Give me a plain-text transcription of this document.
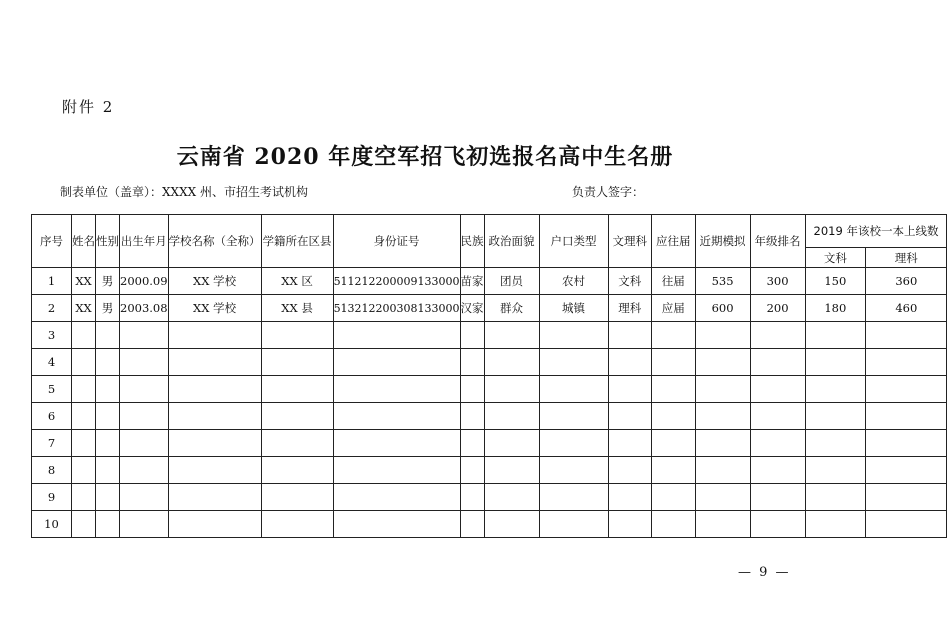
附件 2
云南省 2020 年度空军招飞初选报名高中生名册
制表单位（盖章）：XXXX 州、市招生考试机构	负责人签字：
序号	姓名	性别	出生年月	学校名称（全称）	学籍所在区县	身份证号	民族	政治面貌	户口类型	文理科	应往届	近期模拟	年级排名	2019 年该校一本上线数	
														文科	理科
1	XX	男	2000.09	XX 学校	XX 区	511212200009133000	苗家	团员	农村	文科	往届	535	300	150	360
2	XX	男	2003.08	XX 学校	XX 县	513212200308133000	汉家	群众	城镇	理科	应届	600	200	180	460
3															
4															
5															
6															
7															
8															
9															
10															
— 9 —
